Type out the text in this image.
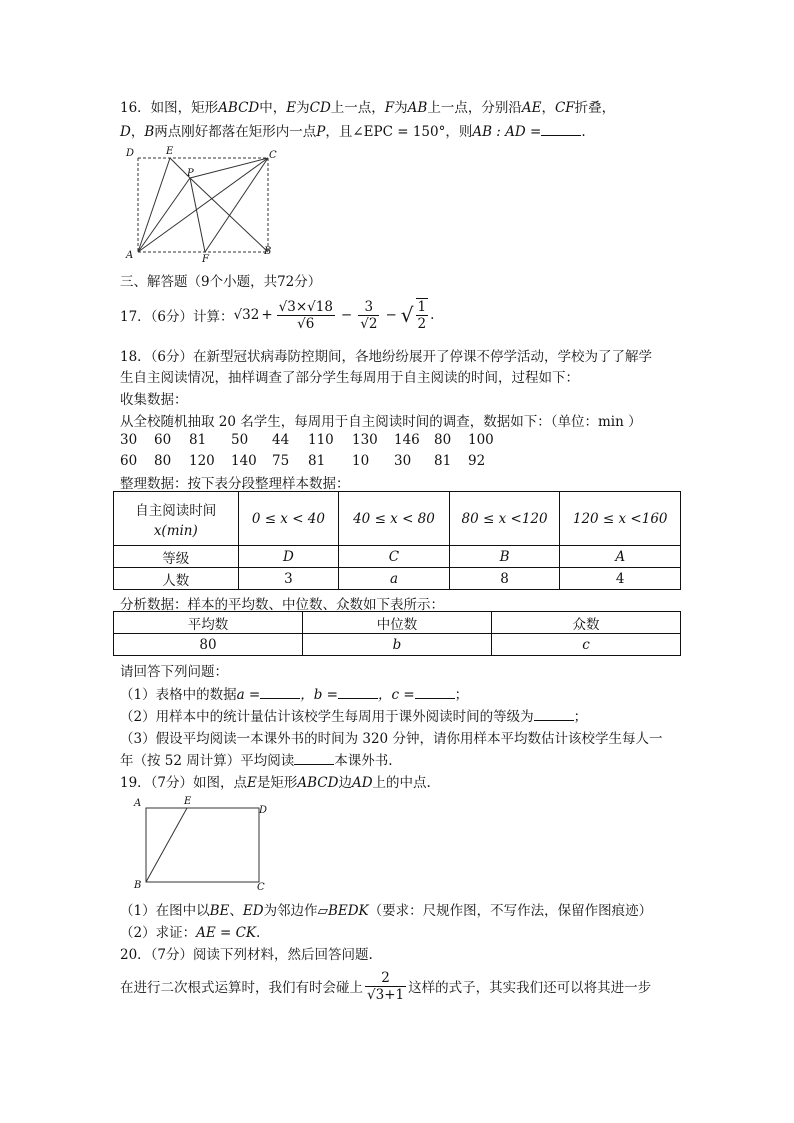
16．如图，矩形ABCD中，E为CD上一点，F为AB上一点，分别沿AE，CF折叠，
D，B两点刚好都落在矩形内一点P，且∠EPC = 150°，则AB : AD =	.
D	E	C
P
A	F
B
三、解答题（9个小题，共72分）
17．（6分）计算： $√32 + \frac{√3\times√18}{√6} - \frac{3}{√2}$ − √ $\frac{1}{2}$ .
18．（6分）在新型冠状病毒防控期间，各地纷纷展开了停课不停学活动，学校为了了解学
生自主阅读情况，抽样调查了部分学生每周用于自主阅读的时间，过程如下：
收集数据：
从全校随机抽取 20 名学生，每周用于自主阅读时间的调查，数据如下：（单位：min ）
30 60 81 50 44 110 130 146 80 100
60 80 120 140 75 81 10 30 81 92
整理数据：按下表分段整理样本数据：
自主阅读时间
x(min)	0 ≤ x < 40	40 ≤ x < 80	80 ≤ x <120	120 ≤ x <160
等级	D	C	B	A
人数	3	a	8	4
分析数据：样本的平均数、中位数、众数如下表所示：
平均数	中位数	众数
80	b	c
请回答下列问题：
（1）表格中的数据a =	，b =	，c =	；
（2）用样本中的统计量估计该校学生每周用于课外阅读时间的等级为	；
（3）假设平均阅读一本课外书的时间为 320 分钟，请你用样本平均数估计该校学生每人一
年（按 52 周计算）平均阅读	本课外书.
19．（7分）如图，点E是矩形ABCD边AD上的中点.
A	E
D
B	C
（1）在图中以BE、ED为邻边作▱BEDK（要求：尺规作图，不写作法，保留作图痕迹）
（2）求证：AE = CK.
20．（7分）阅读下列材料，然后回答问题.
在进行二次根式运算时，我们有时会碰上 $\frac{2}{√3+1}$ 这样的式子，其实我们还可以将其进一步
